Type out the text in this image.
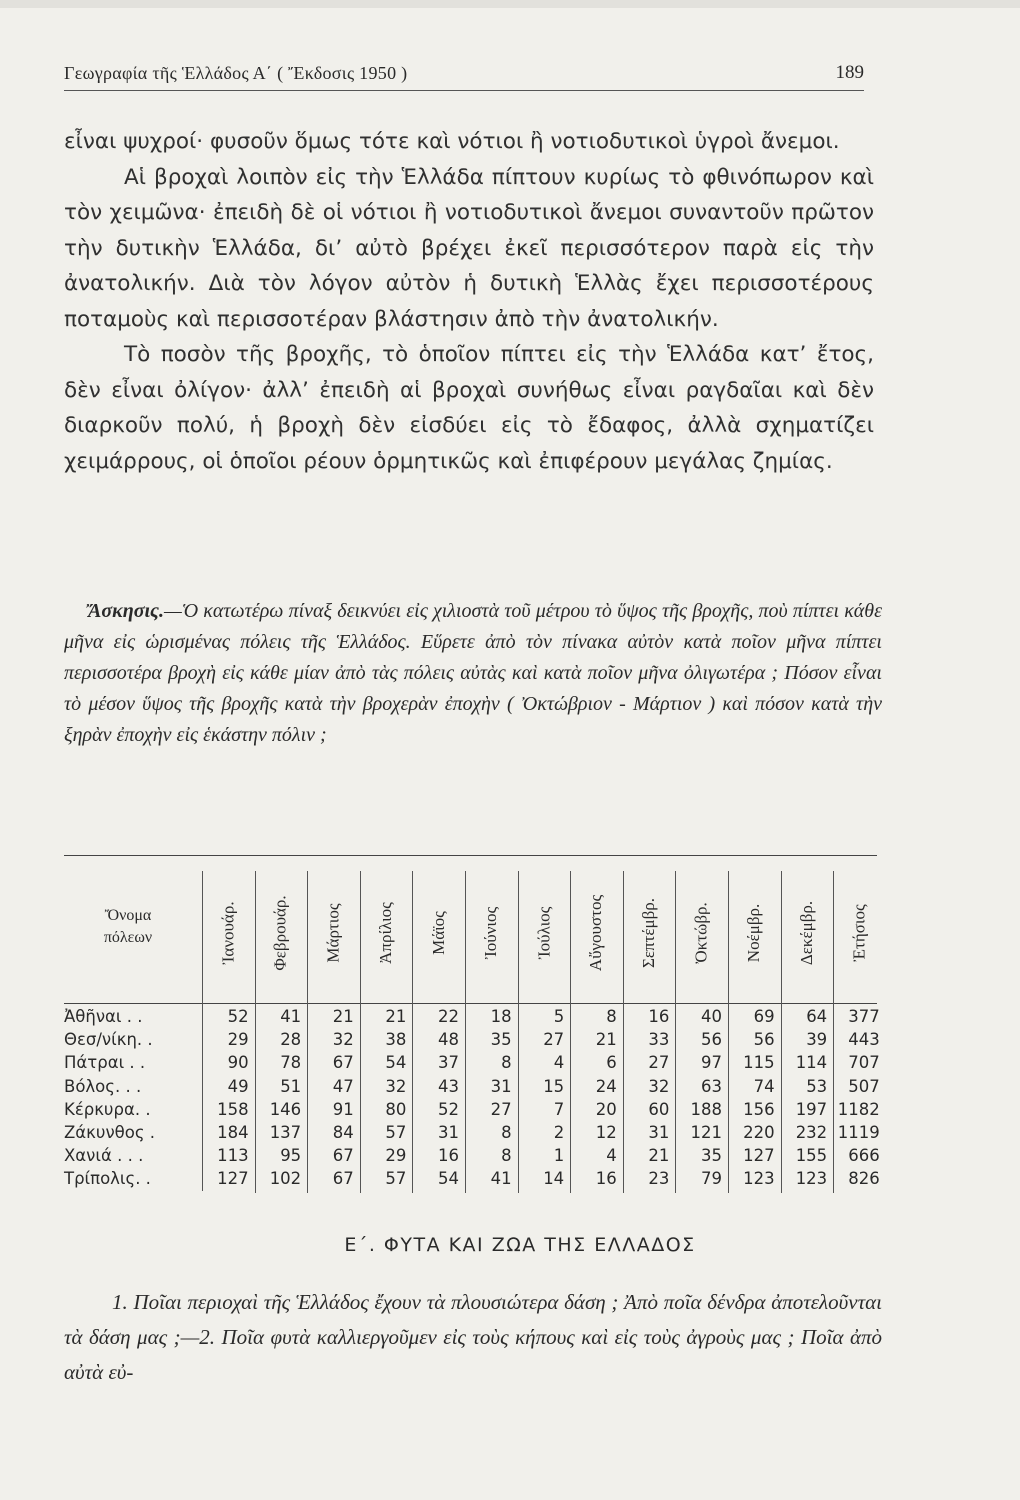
Γεωγραφία τῆς Ἑλλάδος Α΄ ( Ἔκδοσις 1950 )	189

εἶναι ψυχροί· φυσοῦν ὅμως τότε καὶ νότιοι ἢ νοτιοδυτικοὶ ὑγροὶ ἄνεμοι.

Αἱ βροχαὶ λοιπὸν εἰς τὴν Ἑλλάδα πίπτουν κυρίως τὸ φθινόπωρον καὶ τὸν χειμῶνα· ἐπειδὴ δὲ οἱ νότιοι ἢ νοτιοδυτικοὶ ἄνεμοι συναντοῦν πρῶτον τὴν δυτικὴν Ἑλλάδα, δι’ αὐτὸ βρέχει ἐκεῖ περισσότερον παρὰ εἰς τὴν ἀνατολικήν. Διὰ τὸν λόγον αὐτὸν ἡ δυτικὴ Ἑλλὰς ἔχει περισσοτέρους ποταμοὺς καὶ περισσοτέραν βλάστησιν ἀπὸ τὴν ἀνατολικήν.

Τὸ ποσὸν τῆς βροχῆς, τὸ ὁποῖον πίπτει εἰς τὴν Ἑλλάδα κατ’ ἔτος, δὲν εἶναι ὀλίγον· ἀλλ’ ἐπειδὴ αἱ βροχαὶ συνήθως εἶναι ραγδαῖαι καὶ δὲν διαρκοῦν πολύ, ἡ βροχὴ δὲν εἰσδύει εἰς τὸ ἔδαφος, ἀλλὰ σχηματίζει χειμάρρους, οἱ ὁποῖοι ρέουν ὁρμητικῶς καὶ ἐπιφέρουν μεγάλας ζημίας.

Ἄσκησις.—Ὁ κατωτέρω πίναξ δεικνύει εἰς χιλιοστὰ τοῦ μέτρου τὸ ὕψος τῆς βροχῆς, ποὺ πίπτει κάθε μῆνα εἰς ὡρισμένας πόλεις τῆς Ἑλλάδος. Εὕρετε ἀπὸ τὸν πίνακα αὐτὸν κατὰ ποῖον μῆνα πίπτει περισσοτέρα βροχὴ εἰς κάθε μίαν ἀπὸ τὰς πόλεις αὐτὰς καὶ κατὰ ποῖον μῆνα ὀλιγωτέρα ; Πόσον εἶναι τὸ μέσον ὕψος τῆς βροχῆς κατὰ τὴν βροχερὰν ἐποχὴν ( Ὀκτώβριον - Μάρτιον ) καὶ πόσον κατὰ τὴν ξηρὰν ἐποχὴν εἰς ἑκάστην πόλιν ;
Ὄνομα
πόλεων	Ἰανουάρ. Φεβρουάρ. Μάρτιος Ἀπρίλιος Μάϊος Ἰούνιος Ἰούλιος Αὔγουστος Σεπτέμβρ. Ὀκτώβρ. Νοέμβρ. Δεκέμβρ. Ἐτήσιος
Ἀθῆναι . .	52	41	21	21	22	18	5	8	16	40	69	64	377
Θεσ/νίκη. .	29	28	32	38	48	35	27	21	33	56	56	39	443
Πάτραι . .	90	78	67	54	37	8	4	6	27	97	115	114	707
Βόλος. . .	49	51	47	32	43	31	15	24	32	63	74	53	507
Κέρκυρα. .	158	146	91	80	52	27	7	20	60	188	156	197 1182
Ζάκυνθος .	184	137	84	57	31	8	2	12	31	121	220	232 1119
Χανιά . . .	113	95	67	29	16	8	1	4	21	35	127	155	666
Τρίπολις. .	127	102	67	57	54	41	14	16	23	79	123	123	826
Ε΄. ΦΥΤΑ ΚΑΙ ΖΩΑ ΤΗΣ ΕΛΛΑΔΟΣ
1. Ποῖαι περιοχαὶ τῆς Ἑλλάδος ἔχουν τὰ πλουσιώτερα δάση ; Ἀπὸ ποῖα δένδρα ἀποτελοῦνται τὰ δάση μας ;—2. Ποῖα φυτὰ καλλιεργοῦμεν εἰς τοὺς κήπους καὶ εἰς τοὺς ἀγροὺς μας ; Ποῖα ἀπὸ αὐτὰ εὐ-
